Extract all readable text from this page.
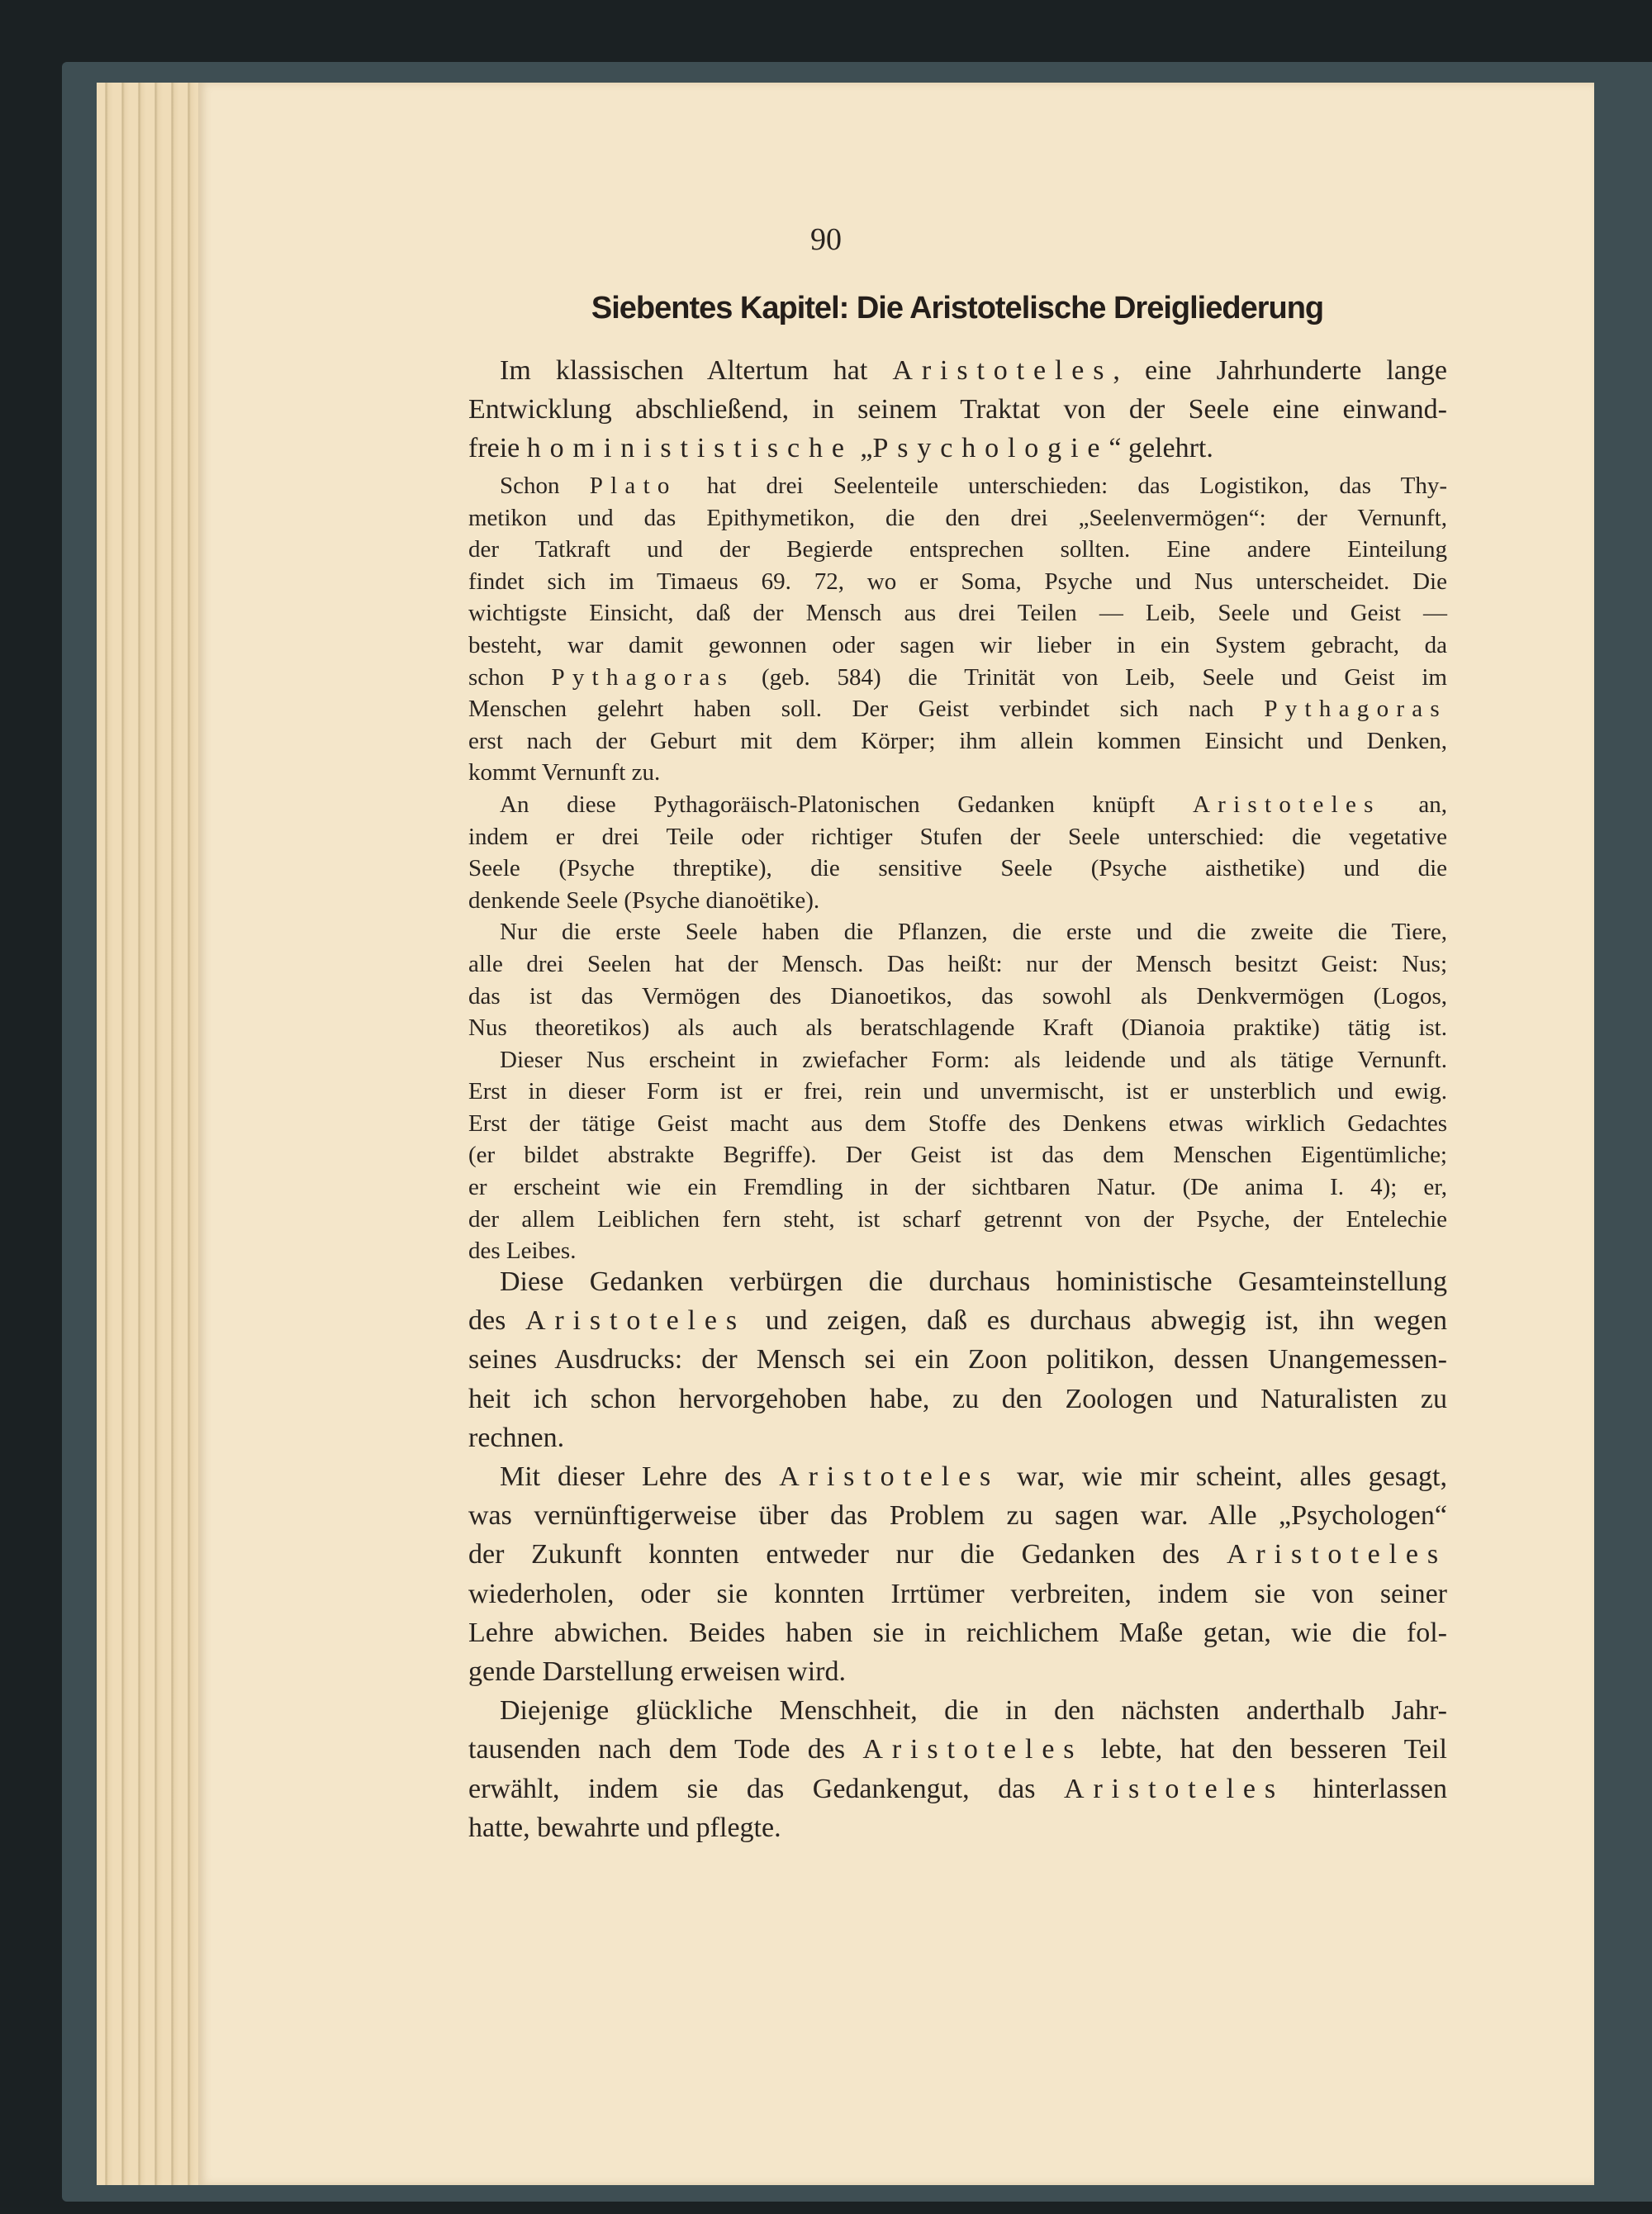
90
Siebentes Kapitel: Die Aristotelische Dreigliederung
Im klassischen Altertum hat Aristoteles, eine Jahrhunderte lange
Entwicklung abschließend, in seinem Traktat von der Seele eine einwand-
freie hominististische „Psychologie“ gelehrt.
Schon Plato hat drei Seelenteile unterschieden: das Logistikon, das Thy-
metikon und das Epithymetikon, die den drei „Seelenvermögen“: der Vernunft,
der Tatkraft und der Begierde entsprechen sollten. Eine andere Einteilung
findet sich im Timaeus 69. 72, wo er Soma, Psyche und Nus unterscheidet. Die
wichtigste Einsicht, daß der Mensch aus drei Teilen — Leib, Seele und Geist —
besteht, war damit gewonnen oder sagen wir lieber in ein System gebracht, da
schon Pythagoras (geb. 584) die Trinität von Leib, Seele und Geist im
Menschen gelehrt haben soll. Der Geist verbindet sich nach Pythagoras
erst nach der Geburt mit dem Körper; ihm allein kommen Einsicht und Denken,
kommt Vernunft zu.
An diese Pythagoräisch-Platonischen Gedanken knüpft Aristoteles an,
indem er drei Teile oder richtiger Stufen der Seele unterschied: die vegetative
Seele (Psyche threptike), die sensitive Seele (Psyche aisthetike) und die
denkende Seele (Psyche dianoëtike).
Nur die erste Seele haben die Pflanzen, die erste und die zweite die Tiere,
alle drei Seelen hat der Mensch. Das heißt: nur der Mensch besitzt Geist: Nus;
das ist das Vermögen des Dianoetikos, das sowohl als Denkvermögen (Logos,
Nus theoretikos) als auch als beratschlagende Kraft (Dianoia praktike) tätig ist.
Dieser Nus erscheint in zwiefacher Form: als leidende und als tätige Vernunft.
Erst in dieser Form ist er frei, rein und unvermischt, ist er unsterblich und ewig.
Erst der tätige Geist macht aus dem Stoffe des Denkens etwas wirklich Gedachtes
(er bildet abstrakte Begriffe). Der Geist ist das dem Menschen Eigentümliche;
er erscheint wie ein Fremdling in der sichtbaren Natur. (De anima I. 4); er,
der allem Leiblichen fern steht, ist scharf getrennt von der Psyche, der Entelechie
des Leibes.
Diese Gedanken verbürgen die durchaus hoministische Gesamteinstellung
des Aristoteles und zeigen, daß es durchaus abwegig ist, ihn wegen
seines Ausdrucks: der Mensch sei ein Zoon politikon, dessen Unangemessen-
heit ich schon hervorgehoben habe, zu den Zoologen und Naturalisten zu
rechnen.
Mit dieser Lehre des Aristoteles war, wie mir scheint, alles gesagt,
was vernünftigerweise über das Problem zu sagen war. Alle „Psychologen“
der Zukunft konnten entweder nur die Gedanken des Aristoteles
wiederholen, oder sie konnten Irrtümer verbreiten, indem sie von seiner
Lehre abwichen. Beides haben sie in reichlichem Maße getan, wie die fol-
gende Darstellung erweisen wird.
Diejenige glückliche Menschheit, die in den nächsten anderthalb Jahr-
tausenden nach dem Tode des Aristoteles lebte, hat den besseren Teil
erwählt, indem sie das Gedankengut, das Aristoteles hinterlassen
hatte, bewahrte und pflegte.
